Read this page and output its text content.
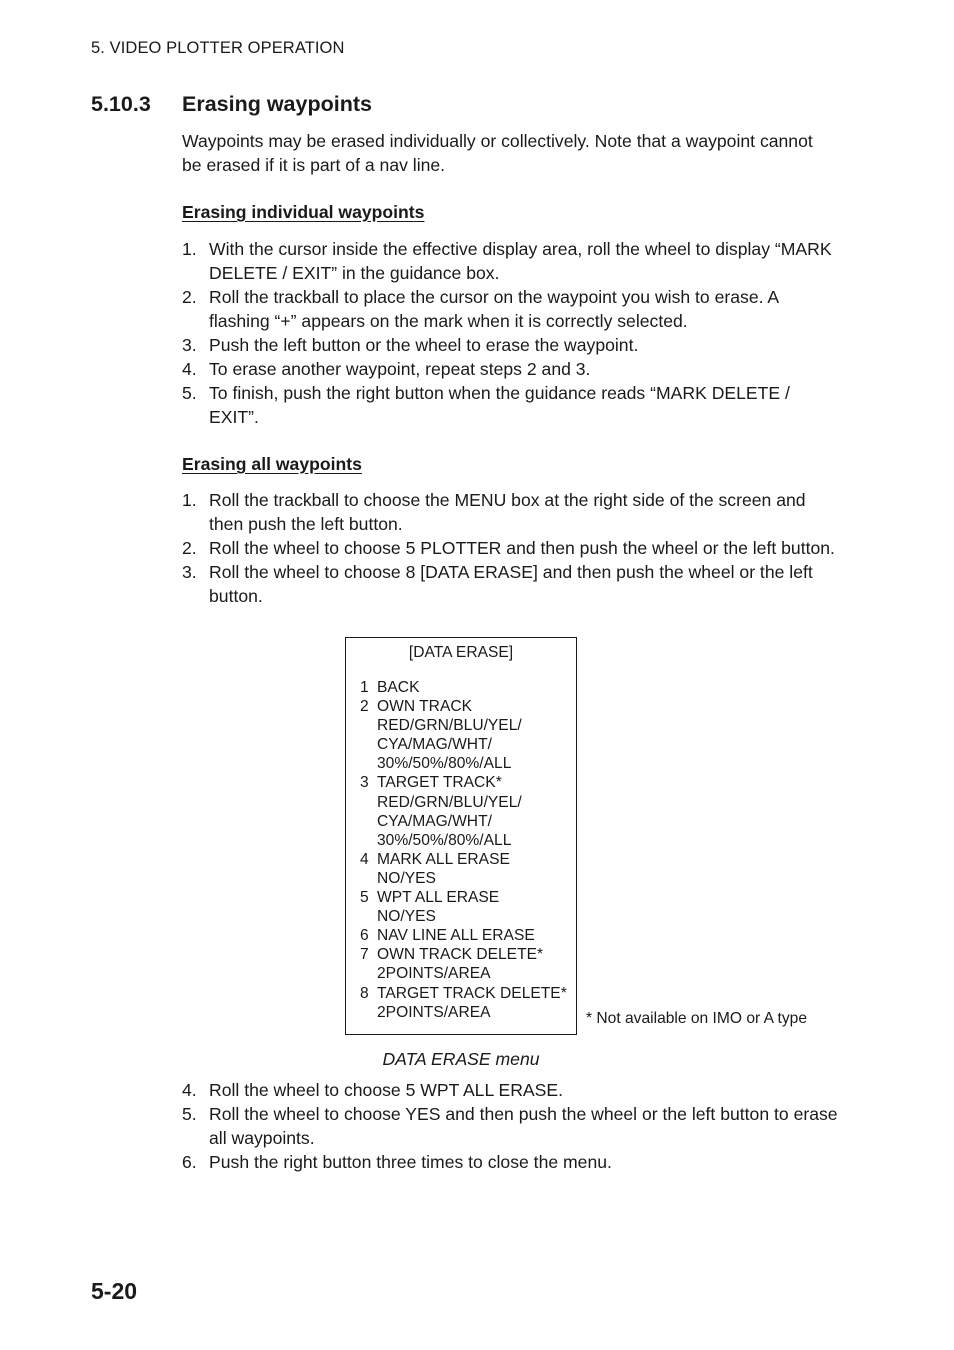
5. VIDEO PLOTTER OPERATION
5.10.3 Erasing waypoints
Waypoints may be erased individually or collectively. Note that a waypoint cannot be erased if it is part of a nav line.
Erasing individual waypoints
1. With the cursor inside the effective display area, roll the wheel to display “MARK DELETE / EXIT” in the guidance box.
2. Roll the trackball to place the cursor on the waypoint you wish to erase. A flashing “+” appears on the mark when it is correctly selected.
3. Push the left button or the wheel to erase the waypoint.
4. To erase another waypoint, repeat steps 2 and 3.
5. To finish, push the right button when the guidance reads “MARK DELETE / EXIT”.
Erasing all waypoints
1. Roll the trackball to choose the MENU box at the right side of the screen and then push the left button.
2. Roll the wheel to choose 5 PLOTTER and then push the wheel or the left button.
3. Roll the wheel to choose 8 [DATA ERASE] and then push the wheel or the left button.
[DATA ERASE]
1 BACK
2 OWN TRACK
RED/GRN/BLU/YEL/
CYA/MAG/WHT/
30%/50%/80%/ALL
3 TARGET TRACK*
RED/GRN/BLU/YEL/
CYA/MAG/WHT/
30%/50%/80%/ALL
4 MARK ALL ERASE
NO/YES
5 WPT ALL ERASE
NO/YES
6 NAV LINE ALL ERASE
7 OWN TRACK DELETE*
2POINTS/AREA
8 TARGET TRACK DELETE*
2POINTS/AREA	* Not available on IMO or A type
DATA ERASE menu
4. Roll the wheel to choose 5 WPT ALL ERASE.
5. Roll the wheel to choose YES and then push the wheel or the left button to erase all waypoints.
6. Push the right button three times to close the menu.
5-20
